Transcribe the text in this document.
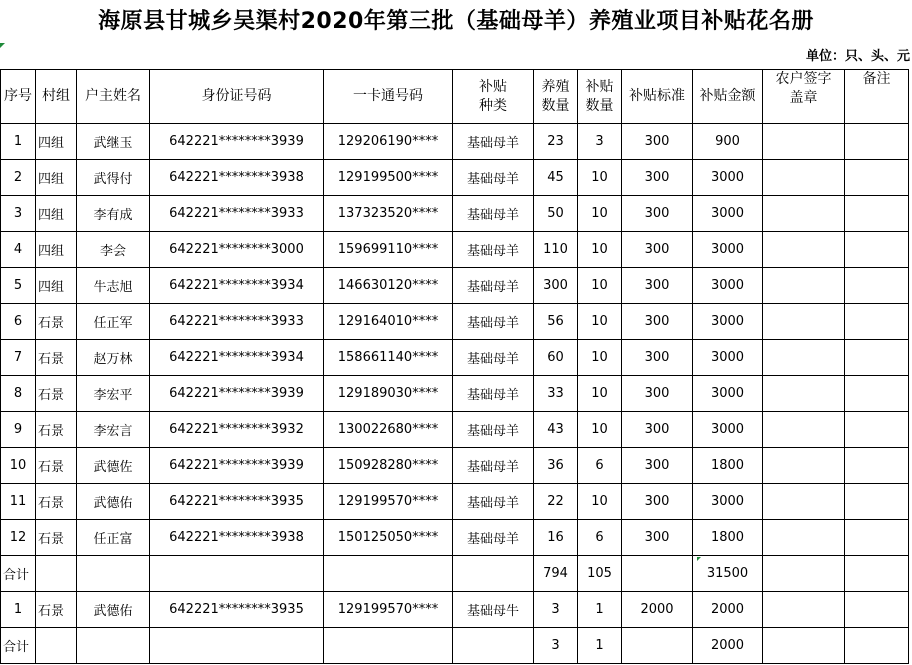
海原县甘城乡吴渠村2020年第三批（基础母羊）养殖业项目补贴花名册
单位：只、头、元
序号	村组	户主姓名	身份证号码	一卡通号码	补贴种类	养殖数量	补贴数量	补贴标准	补贴金额	农户签字盖章	备注
1	四组	武继玉	642221********3939	129206190****	基础母羊	23	3	300	900		
2	四组	武得付	642221********3938	129199500****	基础母羊	45	10	300	3000		
3	四组	李有成	642221********3933	137323520****	基础母羊	50	10	300	3000		
4	四组	李会	642221********3000	159699110****	基础母羊	110	10	300	3000		
5	四组	牛志旭	642221********3934	146630120****	基础母羊	300	10	300	3000		
6	石景	任正军	642221********3933	129164010****	基础母羊	56	10	300	3000		
7	石景	赵万林	642221********3934	158661140****	基础母羊	60	10	300	3000		
8	石景	李宏平	642221********3939	129189030****	基础母羊	33	10	300	3000		
9	石景	李宏言	642221********3932	130022680****	基础母羊	43	10	300	3000		
10	石景	武德佐	642221********3939	150928280****	基础母羊	36	6	300	1800		
11	石景	武德佑	642221********3935	129199570****	基础母羊	22	10	300	3000		
12	石景	任正富	642221********3938	150125050****	基础母羊	16	6	300	1800		
合计						794	105		31500		
1	石景	武德佑	642221********3935	129199570****	基础母牛	3	1	2000	2000		
合计						3	1		2000		
